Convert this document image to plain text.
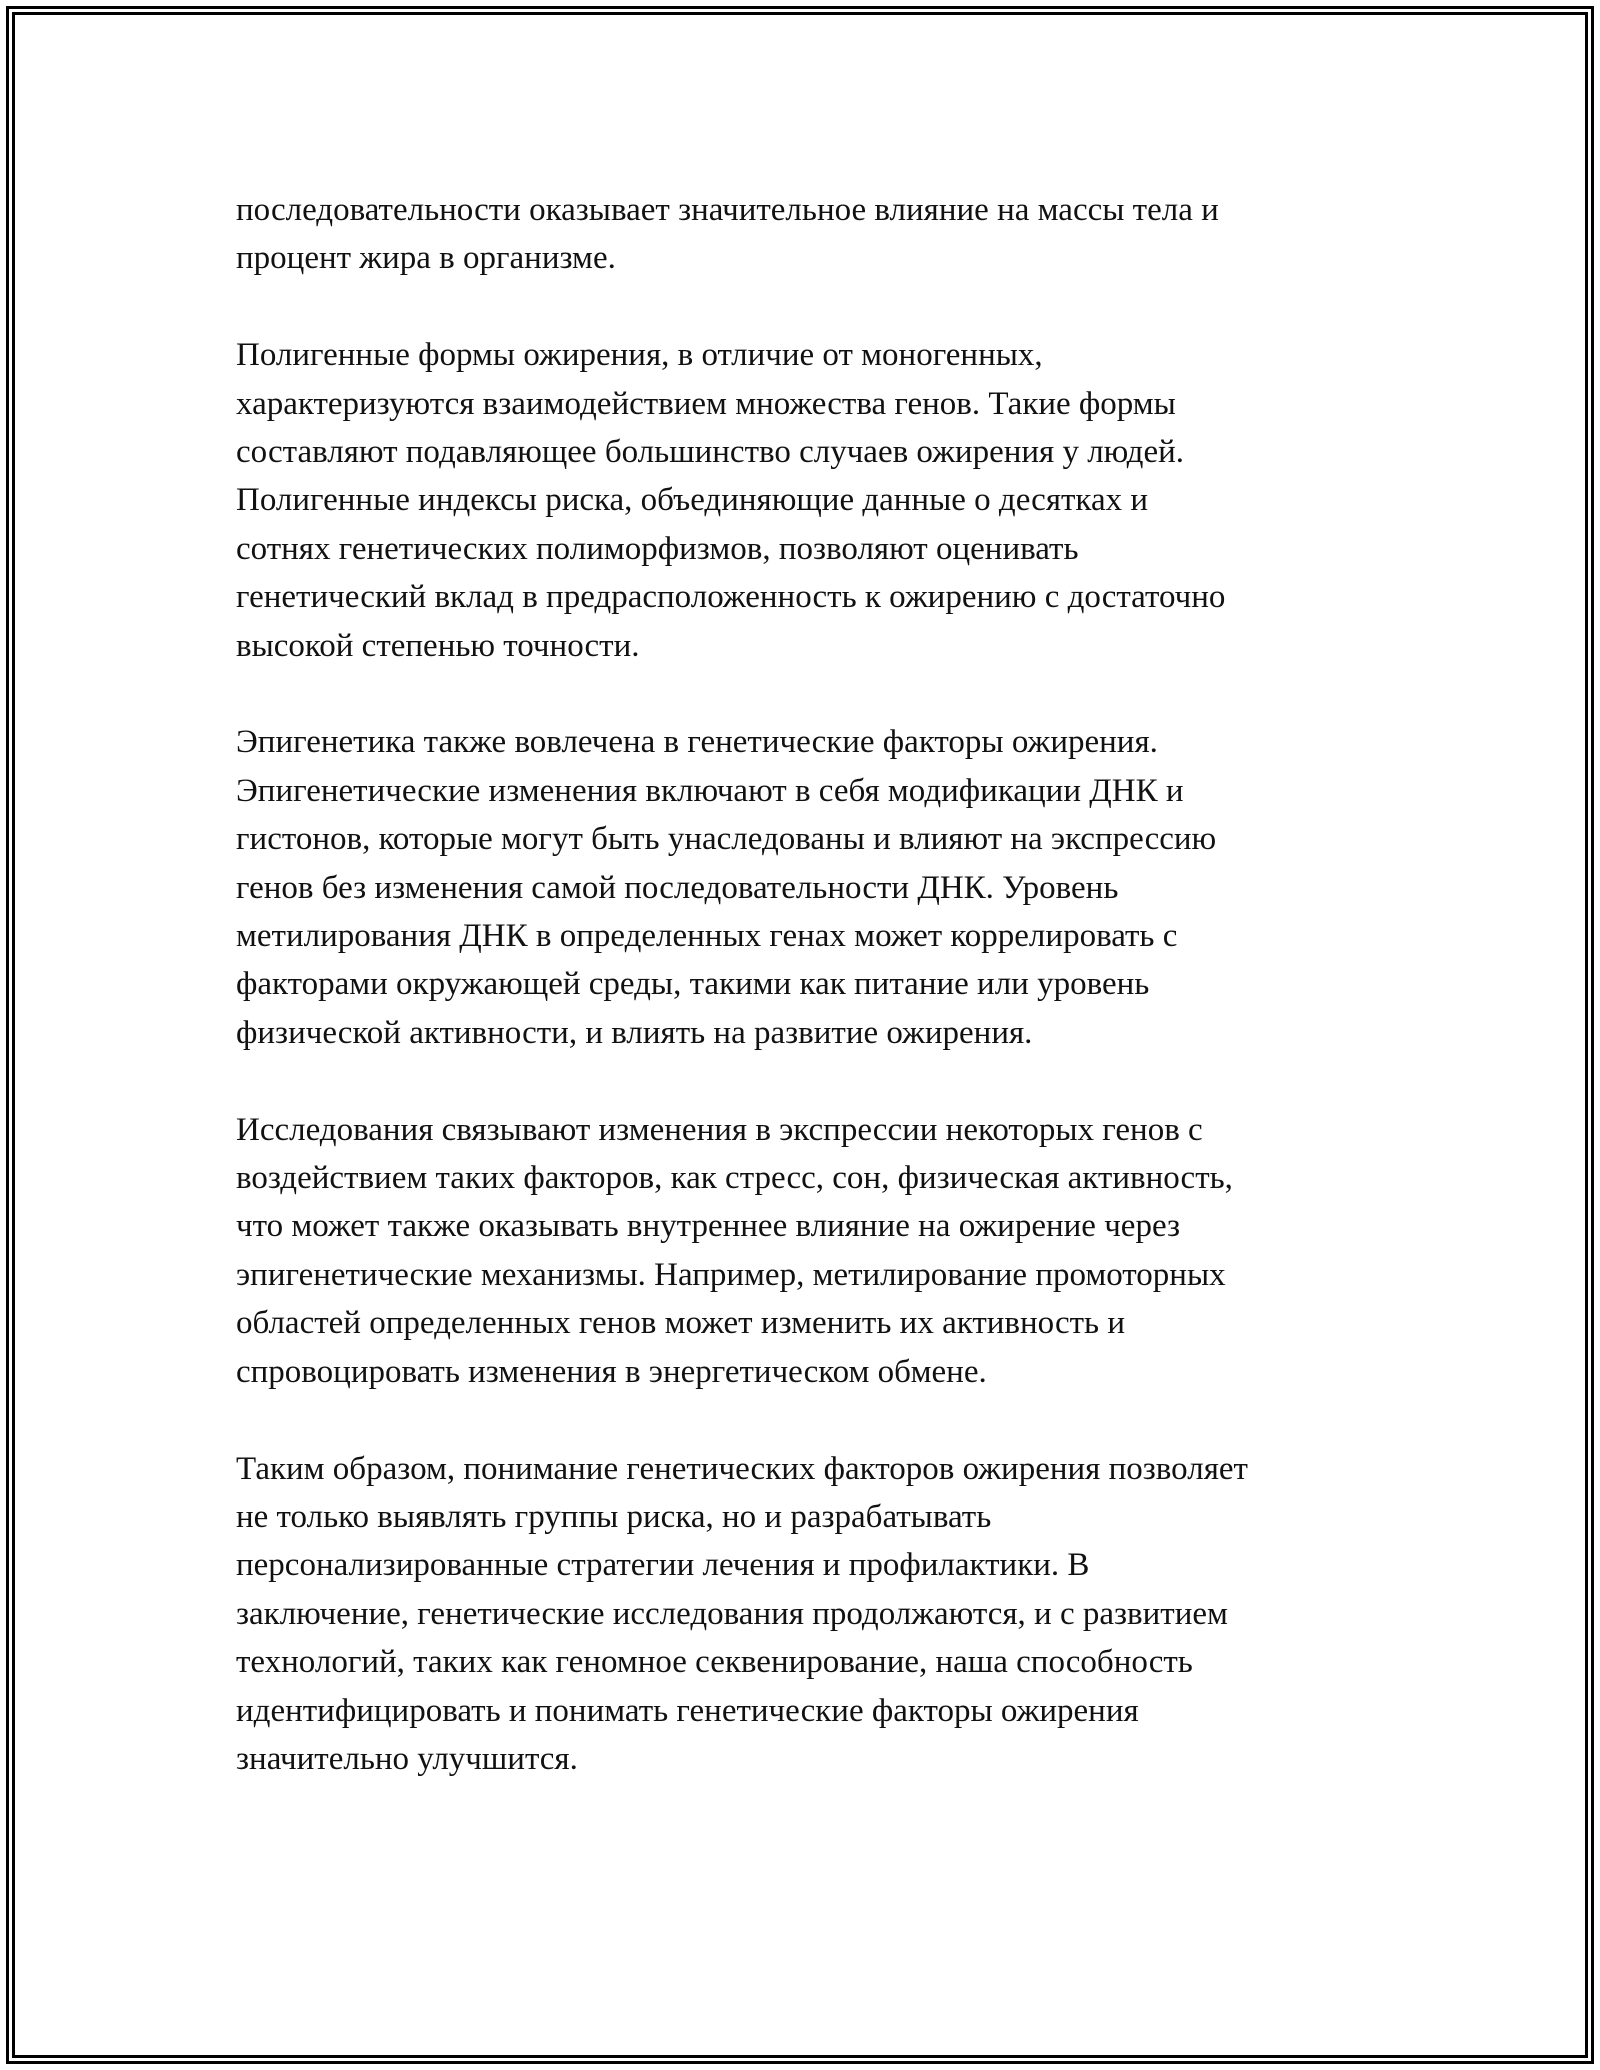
последовательности оказывает значительное влияние на массы тела и
процент жира в организме.

Полигенные формы ожирения, в отличие от моногенных,
характеризуются взаимодействием множества генов. Такие формы
составляют подавляющее большинство случаев ожирения у людей.
Полигенные индексы риска, объединяющие данные о десятках и
сотнях генетических полиморфизмов, позволяют оценивать
генетический вклад в предрасположенность к ожирению с достаточно
высокой степенью точности.

Эпигенетика также вовлечена в генетические факторы ожирения.
Эпигенетические изменения включают в себя модификации ДНК и
гистонов, которые могут быть унаследованы и влияют на экспрессию
генов без изменения самой последовательности ДНК. Уровень
метилирования ДНК в определенных генах может коррелировать с
факторами окружающей среды, такими как питание или уровень
физической активности, и влиять на развитие ожирения.

Исследования связывают изменения в экспрессии некоторых генов с
воздействием таких факторов, как стресс, сон, физическая активность,
что может также оказывать внутреннее влияние на ожирение через
эпигенетические механизмы. Например, метилирование промоторных
областей определенных генов может изменить их активность и
спровоцировать изменения в энергетическом обмене.

Таким образом, понимание генетических факторов ожирения позволяет
не только выявлять группы риска, но и разрабатывать
персонализированные стратегии лечения и профилактики. В
заключение, генетические исследования продолжаются, и с развитием
технологий, таких как геномное секвенирование, наша способность
идентифицировать и понимать генетические факторы ожирения
значительно улучшится.
